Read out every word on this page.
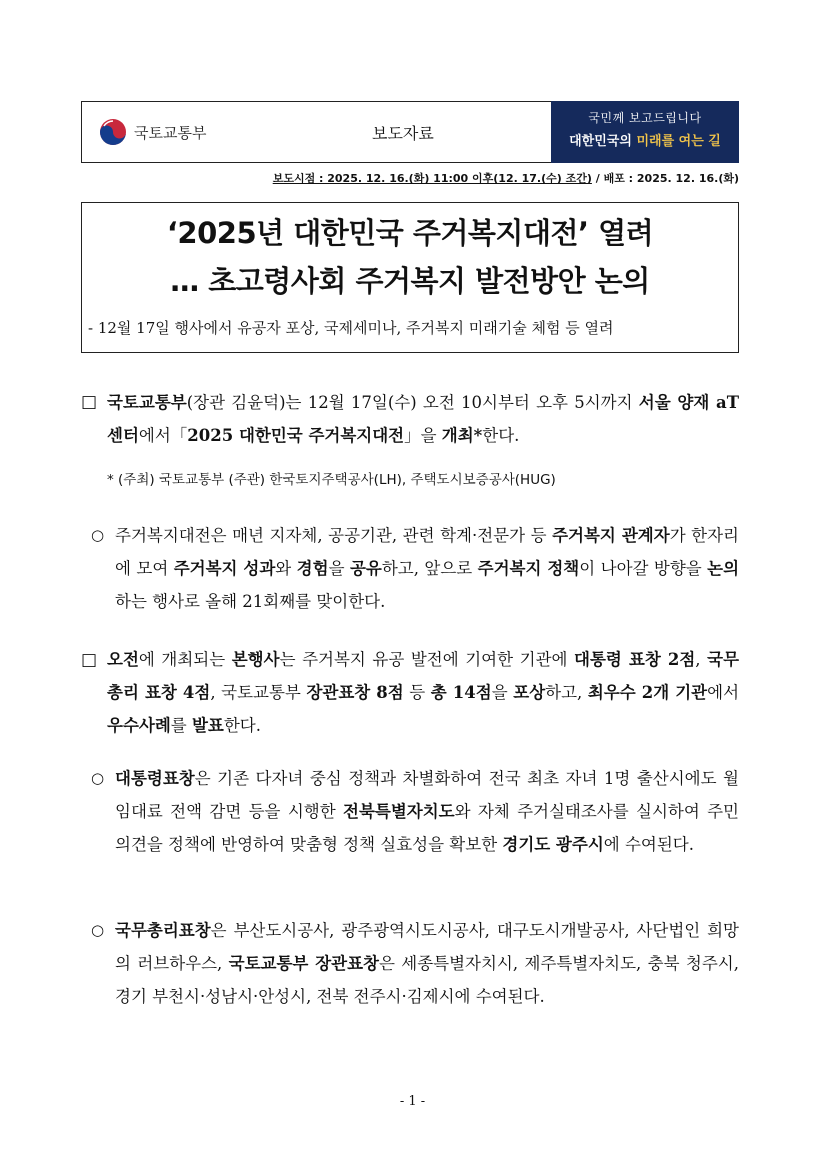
국토교통부	보도자료
국민께 보고드립니다
대한민국의 미래를 여는 길
보도시점 : 2025. 12. 16.(화) 11:00 이후(12. 17.(수) 조간) / 배포 : 2025. 12. 16.(화)
‘2025년 대한민국 주거복지대전’ 열려
… 초고령사회 주거복지 발전방안 논의
- 12월 17일 행사에서 유공자 포상, 국제세미나, 주거복지 미래기술 체험 등 열려
□ 국토교통부(장관 김윤덕)는 12월 17일(수) 오전 10시부터 오후 5시까지 서울 양재 aT센터에서「2025 대한민국 주거복지대전」을 개최*한다.
* (주최) 국토교통부 (주관) 한국토지주택공사(LH), 주택도시보증공사(HUG)
○ 주거복지대전은 매년 지자체, 공공기관, 관련 학계·전문가 등 주거복지 관계자가 한자리에 모여 주거복지 성과와 경험을 공유하고, 앞으로 주거복지 정책이 나아갈 방향을 논의하는 행사로 올해 21회째를 맞이한다.
□ 오전에 개최되는 본행사는 주거복지 유공 발전에 기여한 기관에 대통령 표창 2점, 국무총리 표창 4점, 국토교통부 장관표창 8점 등 총 14점을 포상하고, 최우수 2개 기관에서 우수사례를 발표한다.
○ 대통령표창은 기존 다자녀 중심 정책과 차별화하여 전국 최초 자녀 1명 출산시에도 월 임대료 전액 감면 등을 시행한 전북특별자치도와 자체 주거실태조사를 실시하여 주민 의견을 정책에 반영하여 맞춤형 정책 실효성을 확보한 경기도 광주시에 수여된다.
○ 국무총리표창은 부산도시공사, 광주광역시도시공사, 대구도시개발공사, 사단법인 희망의 러브하우스, 국토교통부 장관표창은 세종특별자치시, 제주특별자치도, 충북 청주시, 경기 부천시·성남시·안성시, 전북 전주시·김제시에 수여된다.
- 1 -
